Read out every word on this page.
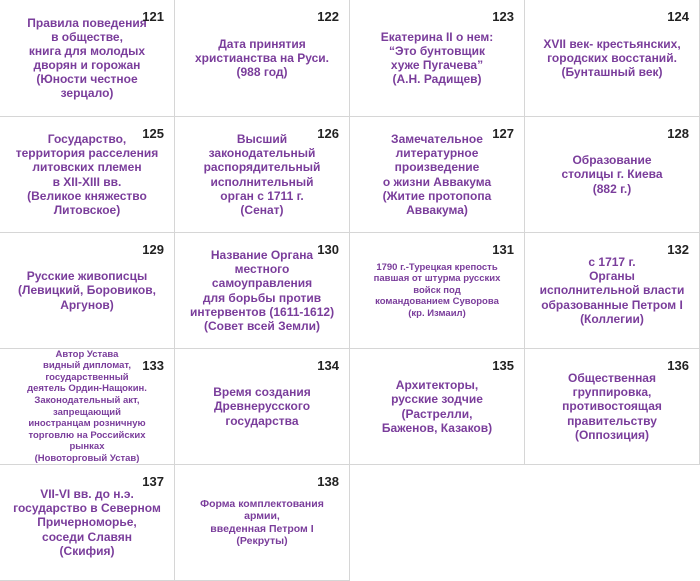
121
Правила поведения
в обществе,
книга для молодых
дворян и горожан
(Юности честное
зерцало)
122
Дата принятия
христианства на Руси.
(988 год)
123
Екатерина II о нем:
“Это бунтовщик
хуже Пугачева”
(А.Н. Радищев)
124
XVII век- крестьянских,
городских восстаний.
(Бунташный век)
125
Государство,
территория расселения
литовских племен
в XII-XIII вв.
(Великое княжество
Литовское)
126
Высший
законодательный
распорядительный
исполнительный
орган с 1711 г.
(Сенат)
127
Замечательное
литературное
произведение
о жизни Аввакума
(Житие протопопа
Аввакума)
128
Образование
столицы г. Киева
(882 г.)
129
Русские живописцы
(Левицкий, Боровиков,
Аргунов)
130
Название Органа
местного
самоуправления
для борьбы против
интервентов (1611-1612)
(Совет всей Земли)
131
1790 г.-Турецкая крепость
павшая от штурма русских
войск под
командованием Суворова
(кр. Измаил)
132
с 1717 г.
Органы
исполнительной власти
образованные Петром I
(Коллегии)
133
Автор Устава
видный дипломат,
государственный
деятель Ордин-Нащокин.
Законодательный акт,
запрещающий
иностранцам розничную
торговлю на Российских рынках
(Новоторговый Устав)
134
Время создания
Древнерусского
государства
135
Архитекторы,
русские зодчие
(Растрелли,
Баженов, Казаков)
136
Общественная
группировка,
противостоящая
правительству
(Оппозиция)
137
VII-VI вв. до н.э.
государство в Северном
Причерноморье,
соседи Славян
(Скифия)
138
Форма комплектования
армии,
введенная Петром I
(Рекруты)
